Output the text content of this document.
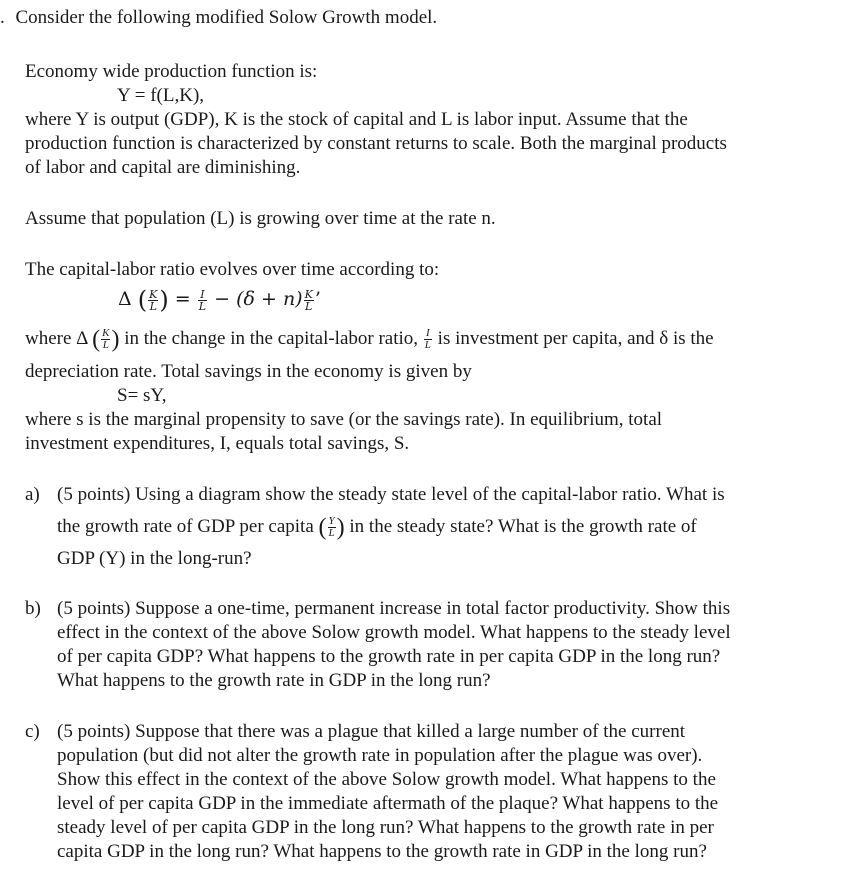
. Consider the following modified Solow Growth model.
Economy wide production function is:
Y = f(L,K),
where Y is output (GDP), K is the stock of capital and L is labor input. Assume that the
production function is characterized by constant returns to scale. Both the marginal products
of labor and capital are diminishing.
Assume that population (L) is growing over time at the rate n.
The capital-labor ratio evolves over time according to:
Δ ( $\frac{K}{L}$ ) = $\frac{I}{L} - (\delta + n) \frac{K}{L}$ ’
where Δ ( $\frac{K}{L}$ ) in the change in the capital-labor ratio, $\frac{I}{L}$ is investment per capita, and δ is the
depreciation rate. Total savings in the economy is given by
S= sY,
where s is the marginal propensity to save (or the savings rate). In equilibrium, total
investment expenditures, I, equals total savings, S.
a) (5 points) Using a diagram show the steady state level of the capital-labor ratio. What is
the growth rate of GDP per capita ( $\frac{Y}{L}$ ) in the steady state? What is the growth rate of
GDP (Y) in the long-run?
b) (5 points) Suppose a one-time, permanent increase in total factor productivity. Show this
effect in the context of the above Solow growth model. What happens to the steady level
of per capita GDP? What happens to the growth rate in per capita GDP in the long run?
What happens to the growth rate in GDP in the long run?
c) (5 points) Suppose that there was a plague that killed a large number of the current
population (but did not alter the growth rate in population after the plague was over).
Show this effect in the context of the above Solow growth model. What happens to the
level of per capita GDP in the immediate aftermath of the plaque? What happens to the
steady level of per capita GDP in the long run? What happens to the growth rate in per
capita GDP in the long run? What happens to the growth rate in GDP in the long run?
